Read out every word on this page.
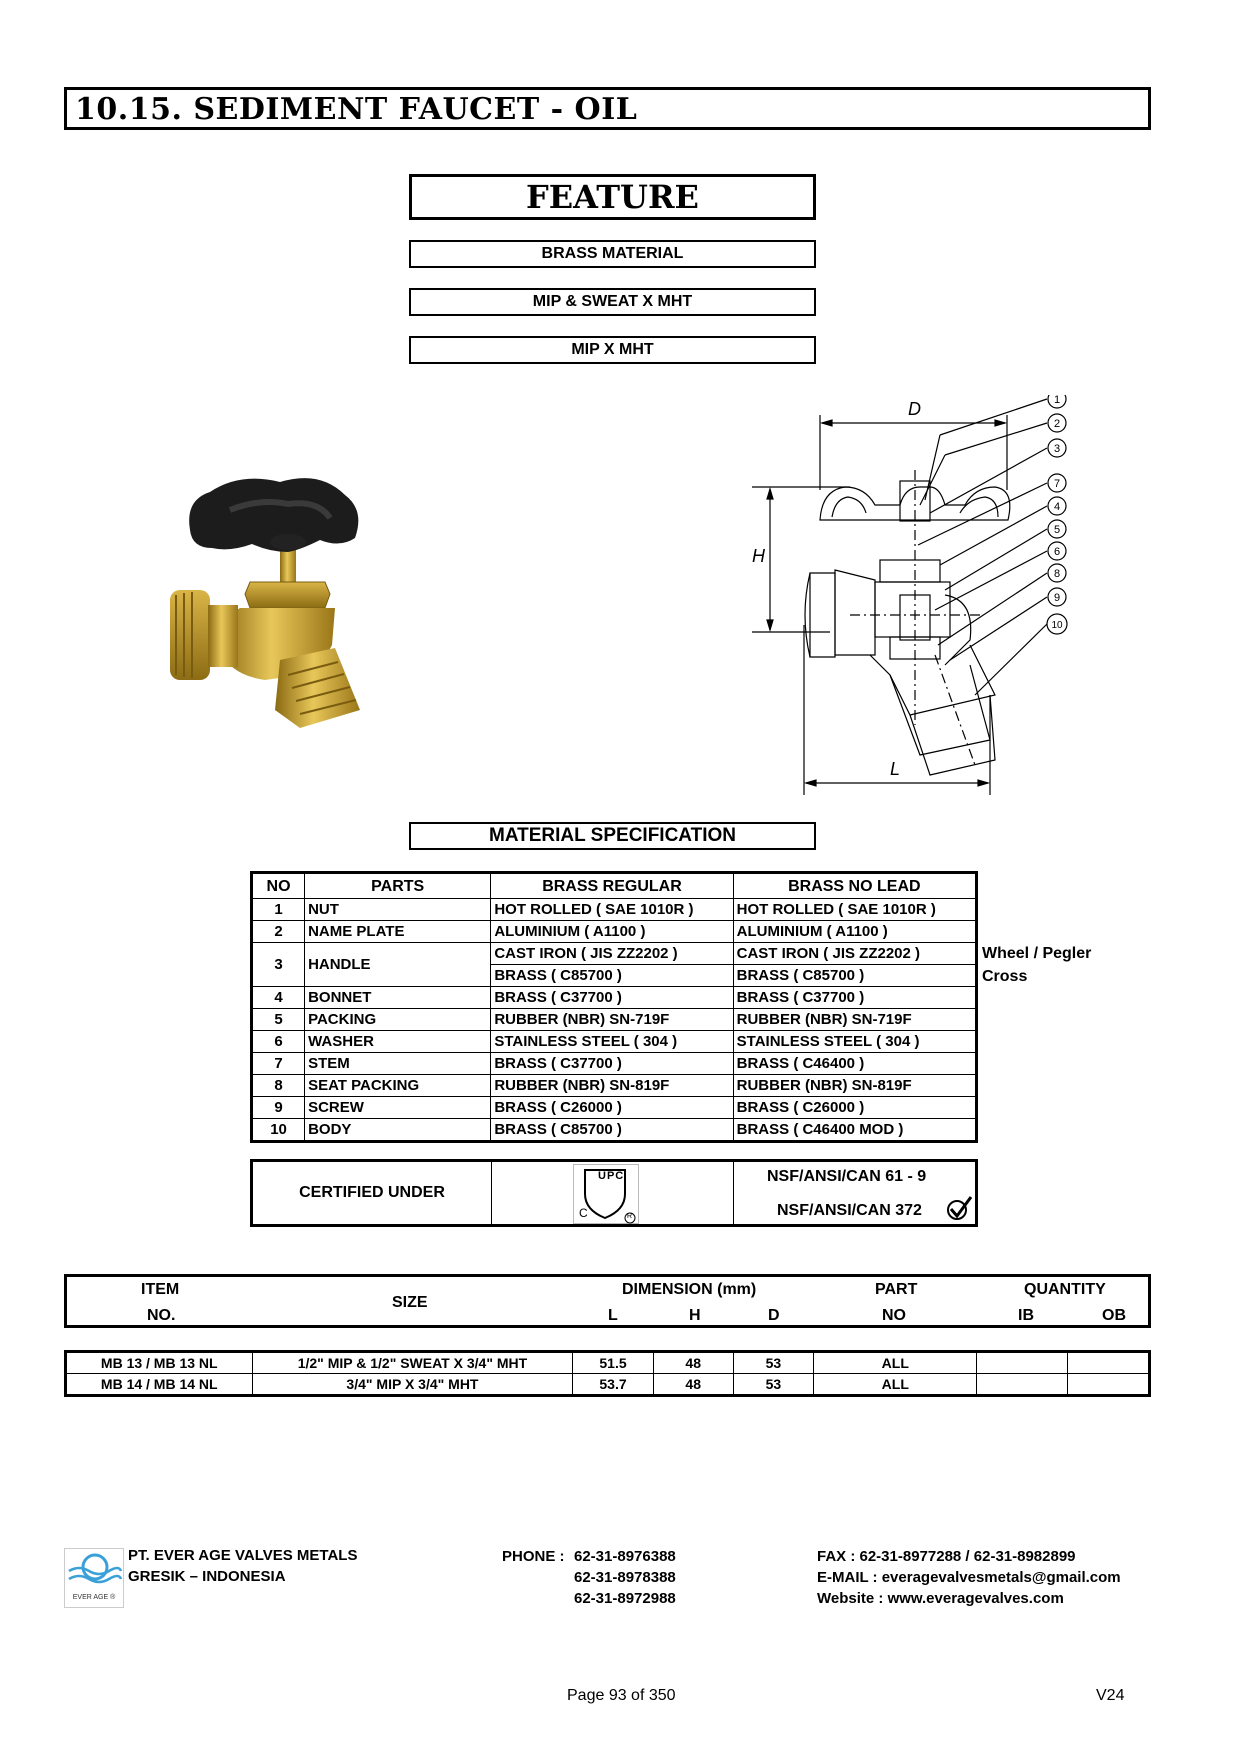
10.15. SEDIMENT FAUCET - OIL
FEATURE
BRASS MATERIAL
MIP & SWEAT X MHT
MIP X MHT
1
2
3
7
4
5
6
8
9
10
D
H
L
MATERIAL SPECIFICATION
NO	PARTS	BRASS REGULAR	BRASS NO LEAD
1	NUT	HOT ROLLED ( SAE 1010R )	HOT ROLLED ( SAE 1010R )
2	NAME PLATE	ALUMINIUM ( A1100 )	ALUMINIUM ( A1100 )
3	HANDLE	CAST IRON ( JIS ZZ2202 )	CAST IRON ( JIS ZZ2202 )
		BRASS ( C85700 )	BRASS ( C85700 )
4	BONNET	BRASS ( C37700 )	BRASS ( C37700 )
5	PACKING	RUBBER (NBR) SN-719F	RUBBER (NBR) SN-719F
6	WASHER	STAINLESS STEEL ( 304 )	STAINLESS STEEL ( 304 )
7	STEM	BRASS ( C37700 )	BRASS ( C46400 )
8	SEAT PACKING	RUBBER (NBR) SN-819F	RUBBER (NBR) SN-819F
9	SCREW	BRASS ( C26000 )	BRASS ( C26000 )
10	BODY	BRASS ( C85700 )	BRASS ( C46400 MOD )
Wheel / Pegler
Cross
CERTIFIED UNDER
UPC
C	R
NSF/ANSI/CAN 61 - 9
NSF/ANSI/CAN 372
ITEM
NO.
SIZE
DIMENSION (mm)
L	H	D
PART
NO
QUANTITY
IB	OB
MB 13 / MB 13 NL	1/2" MIP & 1/2" SWEAT X 3/4" MHT	51.5	48	53	ALL		
MB 14 / MB 14 NL	3/4" MIP X 3/4" MHT	53.7	48	53	ALL		
EVER AGE ®
PT. EVER AGE VALVES METALS
GRESIK – INDONESIA
PHONE : 62-31-8976388
62-31-8978388
62-31-8972988
FAX : 62-31-8977288 / 62-31-8982899
E-MAIL : everagevalvesmetals@gmail.com
Website : www.everagevalves.com
Page 93 of 350	V24
